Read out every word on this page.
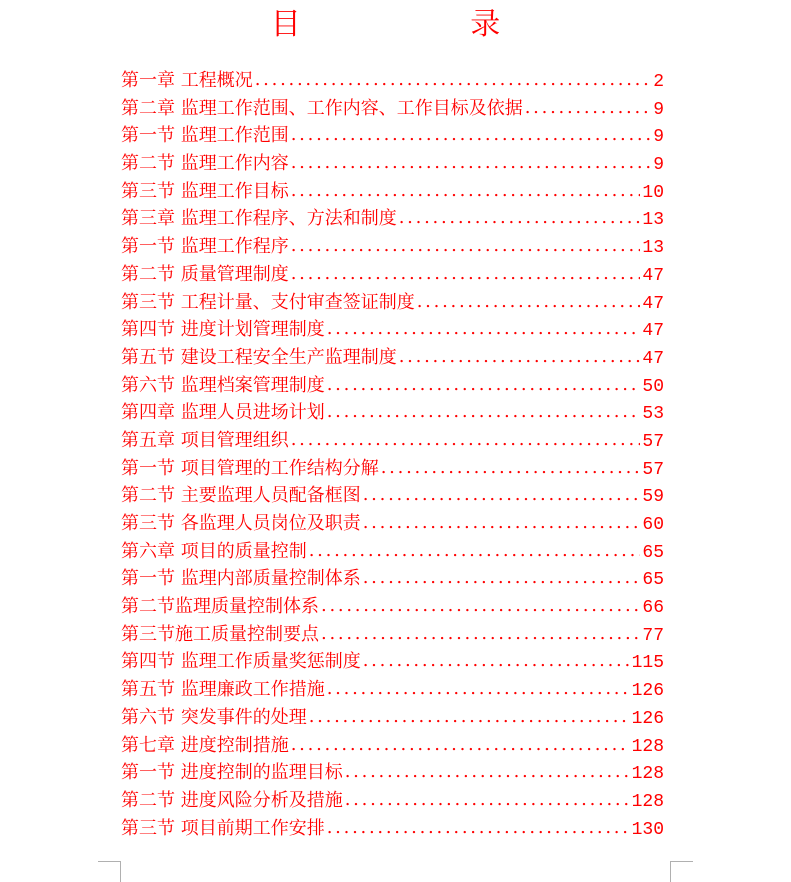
目 录
第一章 工程概况 . . .	2
第二章 监理工作范围、工作内容、工作目标及依据 . . .	9
第一节 监理工作范围 . . .	9
第二节 监理工作内容 . . .	9
第三节 监理工作目标 . . .	10
第三章 监理工作程序、方法和制度 . . .	13
第一节 监理工作程序 . . .	13
第二节 质量管理制度 . . .	47
第三节 工程计量、支付审查签证制度 . . .	47
第四节 进度计划管理制度 . . .	47
第五节 建设工程安全生产监理制度 . . .	47
第六节 监理档案管理制度 . . .	50
第四章 监理人员进场计划 . . .	53
第五章 项目管理组织 . . .	57
第一节 项目管理的工作结构分解 . . .	57
第二节 主要监理人员配备框图 . . .	59
第三节 各监理人员岗位及职责 . . .	60
第六章 项目的质量控制 . . .	65
第一节 监理内部质量控制体系 . . .	65
第二节监理质量控制体系 . . .	66
第三节施工质量控制要点 . . .	77
第四节 监理工作质量奖惩制度 . . .	115
第五节 监理廉政工作措施 . . .	126
第六节 突发事件的处理 . . .	126
第七章 进度控制措施 . . .	128
第一节 进度控制的监理目标 . . .	128
第二节 进度风险分析及措施 . . .	128
第三节 项目前期工作安排 . . .	130
